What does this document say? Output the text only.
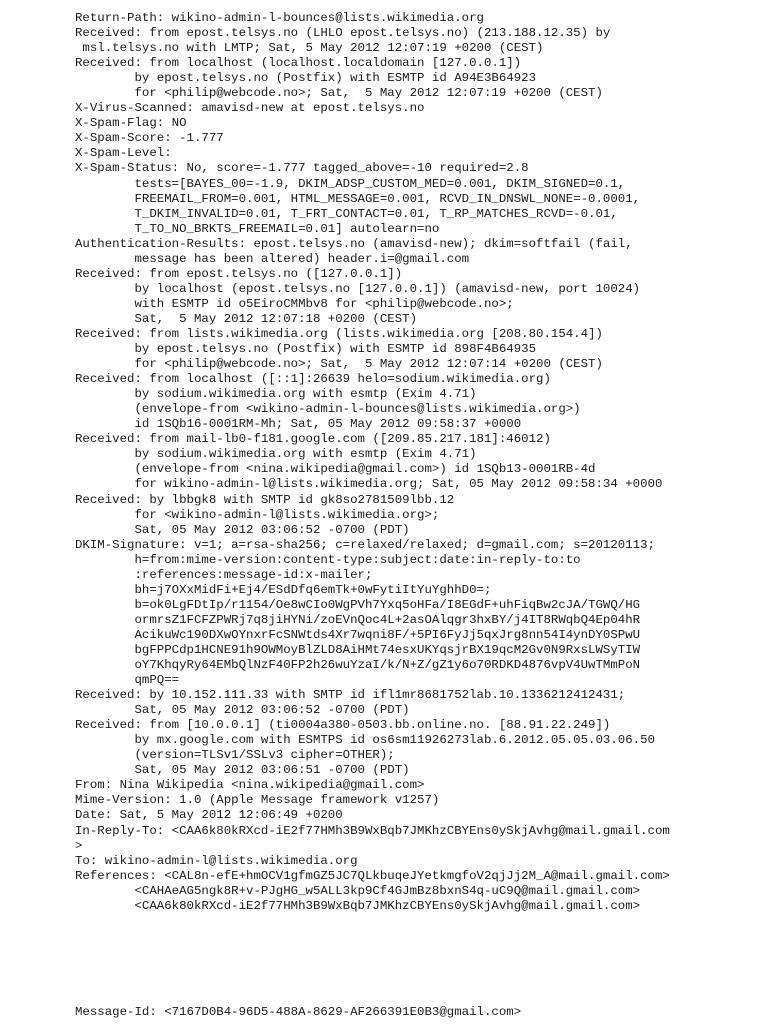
Return-Path: wikino-admin-l-bounces@lists.wikimedia.org
Received: from epost.telsys.no (LHLO epost.telsys.no) (213.188.12.35) by
msl.telsys.no with LMTP; Sat, 5 May 2012 12:07:19 +0200 (CEST)
Received: from localhost (localhost.localdomain [127.0.0.1])
by epost.telsys.no (Postfix) with ESMTP id A94E3B64923
for <philip@webcode.no>; Sat,  5 May 2012 12:07:19 +0200 (CEST)
X-Virus-Scanned: amavisd-new at epost.telsys.no
X-Spam-Flag: NO
X-Spam-Score: -1.777
X-Spam-Level:
X-Spam-Status: No, score=-1.777 tagged_above=-10 required=2.8
tests=[BAYES_00=-1.9, DKIM_ADSP_CUSTOM_MED=0.001, DKIM_SIGNED=0.1,
FREEMAIL_FROM=0.001, HTML_MESSAGE=0.001, RCVD_IN_DNSWL_NONE=-0.0001,
T_DKIM_INVALID=0.01, T_FRT_CONTACT=0.01, T_RP_MATCHES_RCVD=-0.01,
T_TO_NO_BRKTS_FREEMAIL=0.01] autolearn=no
Authentication-Results: epost.telsys.no (amavisd-new); dkim=softfail (fail,
message has been altered) header.i=@gmail.com
Received: from epost.telsys.no ([127.0.0.1])
by localhost (epost.telsys.no [127.0.0.1]) (amavisd-new, port 10024)
with ESMTP id o5EiroCMMbv8 for <philip@webcode.no>;
Sat,  5 May 2012 12:07:18 +0200 (CEST)
Received: from lists.wikimedia.org (lists.wikimedia.org [208.80.154.4])
by epost.telsys.no (Postfix) with ESMTP id 898F4B64935
for <philip@webcode.no>; Sat,  5 May 2012 12:07:14 +0200 (CEST)
Received: from localhost ([::1]:26639 helo=sodium.wikimedia.org)
by sodium.wikimedia.org with esmtp (Exim 4.71)
(envelope-from <wikino-admin-l-bounces@lists.wikimedia.org>)
id 1SQb16-0001RM-Mh; Sat, 05 May 2012 09:58:37 +0000
Received: from mail-lb0-f181.google.com ([209.85.217.181]:46012)
by sodium.wikimedia.org with esmtp (Exim 4.71)
(envelope-from <nina.wikipedia@gmail.com>) id 1SQb13-0001RB-4d
for wikino-admin-l@lists.wikimedia.org; Sat, 05 May 2012 09:58:34 +0000
Received: by lbbgk8 with SMTP id gk8so2781509lbb.12
for <wikino-admin-l@lists.wikimedia.org>;
Sat, 05 May 2012 03:06:52 -0700 (PDT)
DKIM-Signature: v=1; a=rsa-sha256; c=relaxed/relaxed; d=gmail.com; s=20120113;
h=from:mime-version:content-type:subject:date:in-reply-to:to
:references:message-id:x-mailer;
bh=j7OXxMidFi+Ej4/ESdDfq6emTk+0wFytiItYuYghhD0=;
b=ok0LgFDtIp/r1154/Oe8wCIo0WgPVh7Yxq5oHFa/I8EGdF+uhFiqBw2cJA/TGWQ/HG
ormrsZ1FCFZPWRj7q8jiHYNi/zoEVnQoc4L+2asOAlqgr3hxBY/j4IT8RWqbQ4Ep04hR
AcikuWc190DXwOYnxrFcSNWtds4Xr7wqni8F/+5PI6FyJj5qxJrg8nn54I4ynDY0SPwU
bgFPPCdp1HCNE91h9OWMoyBlZLD8AiHMt74esxUKYqsjrBX19qcM2Gv0N9RxsLWSyTIW
oY7KhqyRy64EMbQlNzF40FP2h26wuYzaI/k/N+Z/gZ1y6o70RDKD4876vpV4UwTMmPoN
qmPQ==
Received: by 10.152.111.33 with SMTP id ifl1mr8681752lab.10.1336212412431;
Sat, 05 May 2012 03:06:52 -0700 (PDT)
Received: from [10.0.0.1] (ti0004a380-0503.bb.online.no. [88.91.22.249])
by mx.google.com with ESMTPS id os6sm11926273lab.6.2012.05.05.03.06.50
(version=TLSv1/SSLv3 cipher=OTHER);
Sat, 05 May 2012 03:06:51 -0700 (PDT)
From: Nina Wikipedia <nina.wikipedia@gmail.com>
Mime-Version: 1.0 (Apple Message framework v1257)
Date: Sat, 5 May 2012 12:06:49 +0200
In-Reply-To: <CAA6k80kRXcd-iE2f77HMh3B9WxBqb7JMKhzCBYEns0ySkjAvhg@mail.gmail.com
>
To: wikino-admin-l@lists.wikimedia.org
References: <CAL8n-efE+hmOCV1gfmGZ5JC7QLkbuqeJYetkmgfoV2qjJj2M_A@mail.gmail.com>
<CAHAeAG5ngk8R+v-PJgHG_w5ALL3kp9Cf4GJmBz8bxnS4q-uC9Q@mail.gmail.com>
<CAA6k80kRXcd-iE2f77HMh3B9WxBqb7JMKhzCBYEns0ySkjAvhg@mail.gmail.com>
Message-Id: <7167D0B4-96D5-488A-8629-AF266391E0B3@gmail.com>
